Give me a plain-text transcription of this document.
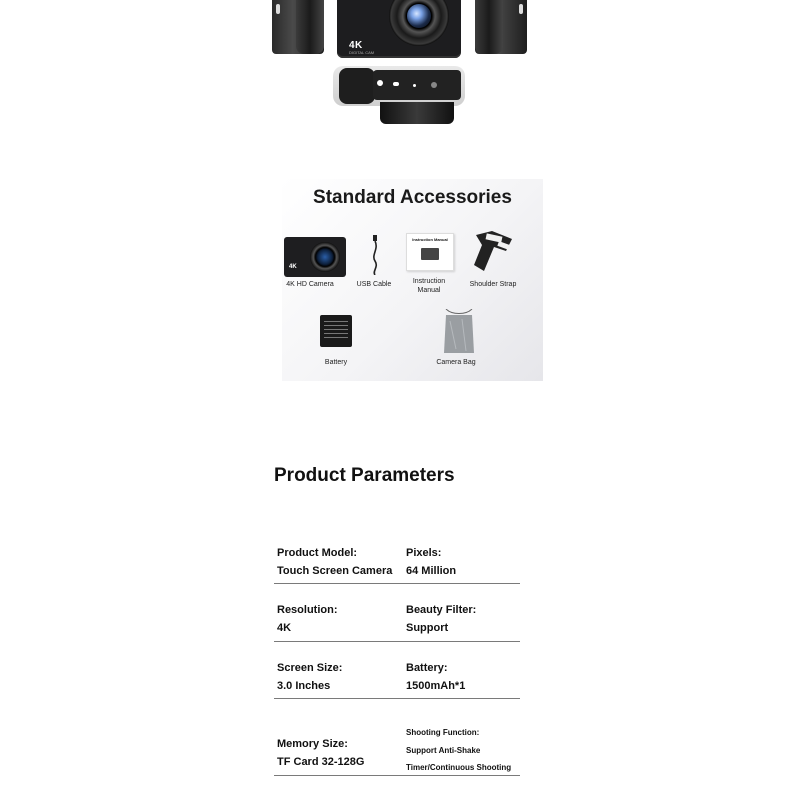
4K
DIGITAL CAM
Standard Accessories
4K
4K HD Camera	USB Cable
Instruction Manual
Instruction
Manual
Shoulder Strap
Battery	Camera Bag
Product Parameters
Product Model:
Touch Screen Camera
Pixels:
64 Million
Resolution:
4K
Beauty Filter:
Support
Screen Size:
3.0 Inches
Battery:
1500mAh*1
Memory Size:
TF Card 32-128G
Shooting Function:
Support Anti-Shake
Timer/Continuous Shooting
